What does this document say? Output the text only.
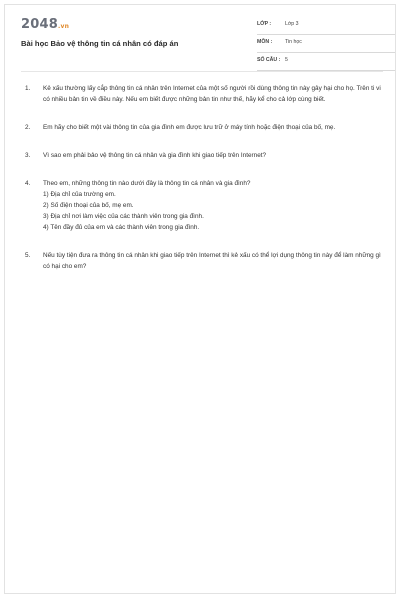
2048.vn
Bài học Bảo vệ thông tin cá nhân có đáp án
LỚP :	Lớp 3
MÔN : Tin học
SỐ CÂU : 5
1. Kẻ xấu thường lấy cắp thông tin cá nhân trên Internet của một số người rồi dùng thông tin này gây hại cho họ. Trên ti vi có nhiều bản tin về điều này. Nếu em biết được những bản tin như thế, hãy kể cho cả lớp cùng biết.
2. Em hãy cho biết một vài thông tin của gia đình em được lưu trữ ở máy tính hoặc điện thoại của bố, mẹ.
3. Vì sao em phải bảo vệ thông tin cá nhân và gia đình khi giao tiếp trên Internet?
4. Theo em, những thông tin nào dưới đây là thông tin cá nhân và gia đình?
1) Địa chỉ của trường em.
2) Số điện thoại của bố, mẹ em.
3) Địa chỉ nơi làm việc của các thành viên trong gia đình.
4) Tên đầy đủ của em và các thành viên trong gia đình.
5. Nếu tùy tiện đưa ra thông tin cá nhân khi giao tiếp trên Internet thì kẻ xấu có thể lợi dụng thông tin này để làm những gì có hại cho em?
